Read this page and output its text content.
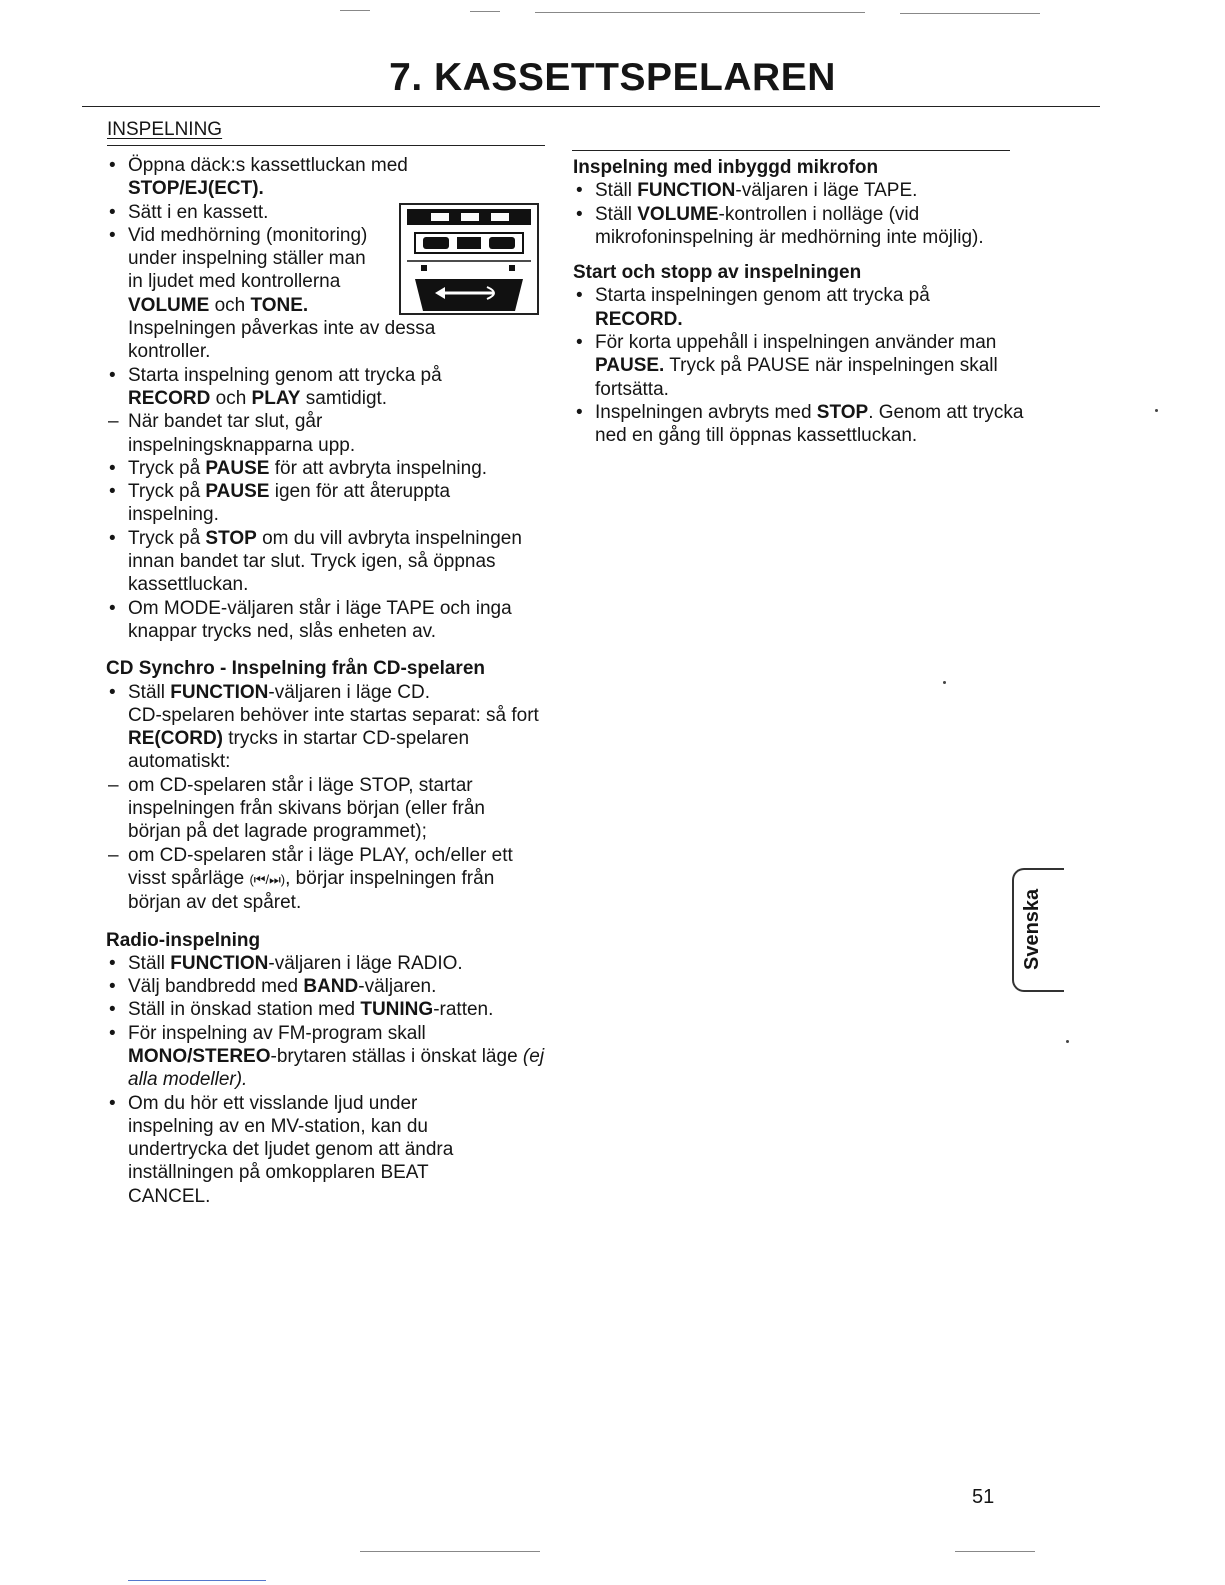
7. KASSETTSPELAREN
INSPELNING
• Öppna däck:s kassettluckan med
STOP/EJ(ECT).
• Sätt i en kassett.
• Vid medhörning (monitoring)
under inspelning ställer man
in ljudet med kontrollerna
VOLUME och TONE.

Inspelningen påverkas inte av dessa kontroller.
• Starta inspelning genom att trycka på
RECORD och PLAY samtidigt.
– När bandet tar slut, går inspelningsknapparna upp.
• Tryck på PAUSE för att avbryta inspelning.
• Tryck på PAUSE igen för att återuppta inspelning.
• Tryck på STOP om du vill avbryta inspelningen innan bandet tar slut. Tryck igen, så öppnas kassettluckan.
• Om MODE-väljaren står i läge TAPE och inga knappar trycks ned, slås enheten av.
CD Synchro - Inspelning från CD-spelaren
• Ställ FUNCTION-väljaren i läge CD.
CD-spelaren behöver inte startas separat: så fort RE(CORD) trycks in startar CD-spelaren automatiskt:
– om CD-spelaren står i läge STOP, startar inspelningen från skivans början (eller från början på det lagrade programmet);
– om CD-spelaren står i läge PLAY, och/eller ett visst spårläge (⏮/⏭), börjar inspelningen från början av det spåret.
Radio-inspelning
• Ställ FUNCTION-väljaren i läge RADIO.
• Välj bandbredd med BAND-väljaren.
• Ställ in önskad station med TUNING-ratten.
• För inspelning av FM-program skall
MONO/STEREO-brytaren ställas i önskat läge (ej alla modeller).
• Om du hör ett visslande ljud under inspelning av en MV-station, kan du undertrycka det ljudet genom att ändra inställningen på omkopplaren BEAT CANCEL.
Inspelning med inbyggd mikrofon
• Ställ FUNCTION-väljaren i läge TAPE.
• Ställ VOLUME-kontrollen i nolläge (vid mikrofoninspelning är medhörning inte möjlig).
Start och stopp av inspelningen
• Starta inspelningen genom att trycka på
RECORD.
• För korta uppehåll i inspelningen använder man PAUSE. Tryck på PAUSE när inspelningen skall fortsätta.
• Inspelningen avbryts med STOP. Genom att trycka ned en gång till öppnas kassettluckan.
Svenska
51
